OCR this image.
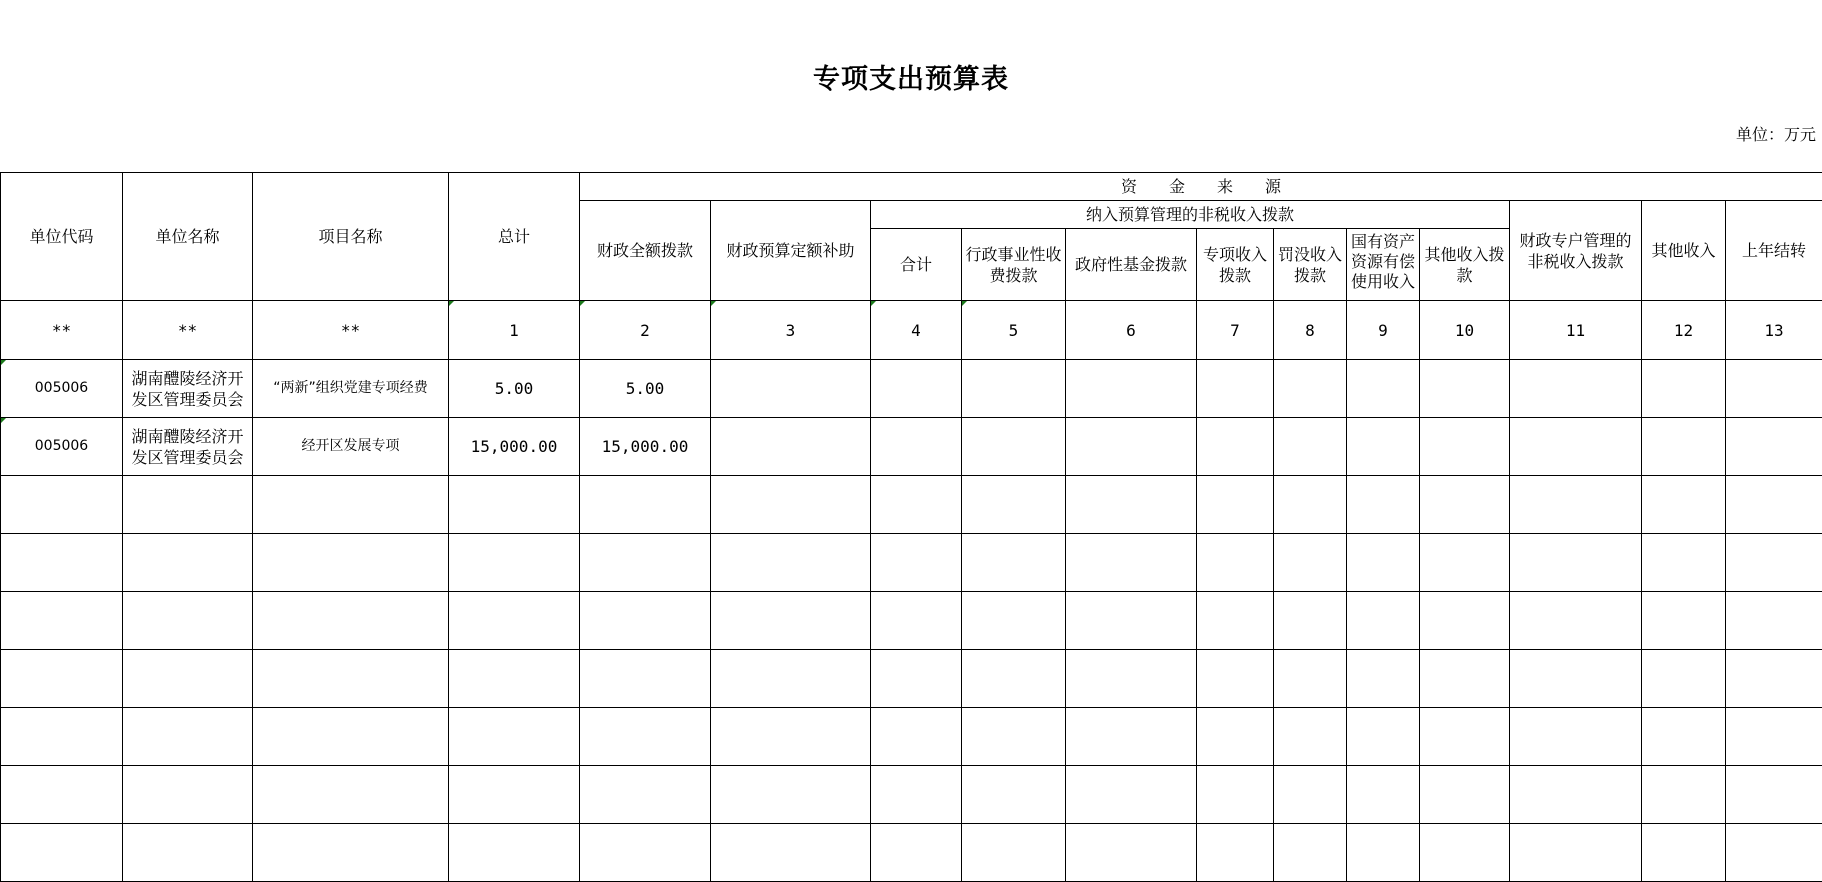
专项支出预算表
单位：万元
单位代码	单位名称	项目名称	总计	资　　金　　来　　源											
				财政全额拨款	财政预算定额补助	纳入预算管理的非税收入拨款							财政专户管理的非税收入拨款	其他收入	上年结转
						合计	行政事业性收费拨款	政府性基金拨款	专项收入拨款	罚没收入拨款	国有资产资源有偿使用收入	其他收入拨款			
**	**	**	1	2	3	4	5	6	7	8	9	10	11	12	13
005006	湖南醴陵经济开发区管理委员会	“两新”组织党建专项经费	5.00	5.00											
005006	湖南醴陵经济开发区管理委员会	经开区发展专项	15,000.00	15,000.00											
